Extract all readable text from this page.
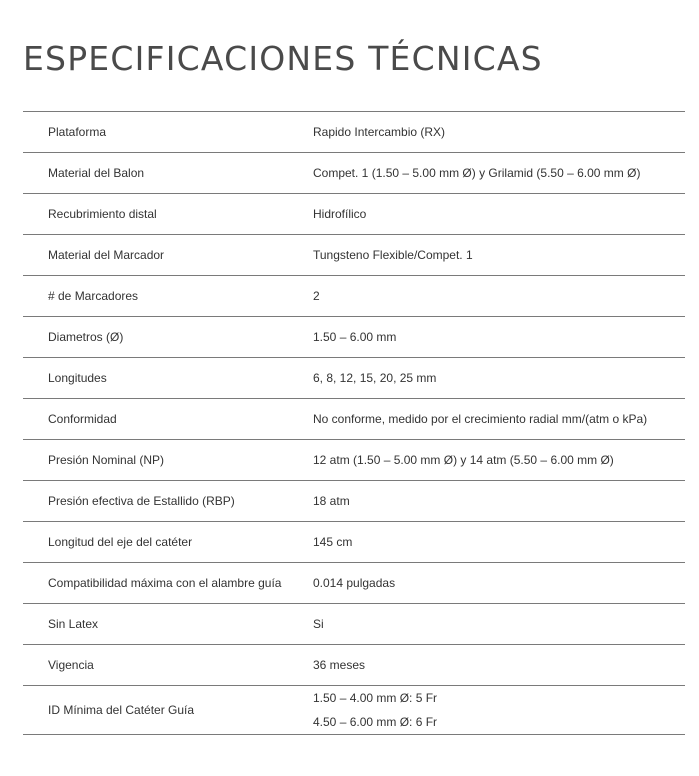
ESPECIFICACIONES TÉCNICAS
Plataforma	Rapido Intercambio (RX)
Material del Balon	Compet. 1 (1.50 – 5.00 mm Ø) y Grilamid (5.50 – 6.00 mm Ø)
Recubrimiento distal	Hidrofílico
Material del Marcador	Tungsteno Flexible/Compet. 1
# de Marcadores	2
Diametros (Ø)	1.50 – 6.00 mm
Longitudes	6, 8, 12, 15, 20, 25 mm
Conformidad	No conforme, medido por el crecimiento radial mm/(atm o kPa)
Presión Nominal (NP)	12 atm (1.50 – 5.00 mm Ø) y 14 atm (5.50 – 6.00 mm Ø)
Presión efectiva de Estallido (RBP)	18 atm
Longitud del eje del catéter	145 cm
Compatibilidad máxima con el alambre guía	0.014 pulgadas
Sin Latex	Si
Vigencia	36 meses
ID Mínima del Catéter Guía	1.50 – 4.00 mm Ø: 5 Fr
4.50 – 6.00 mm Ø: 6 Fr
